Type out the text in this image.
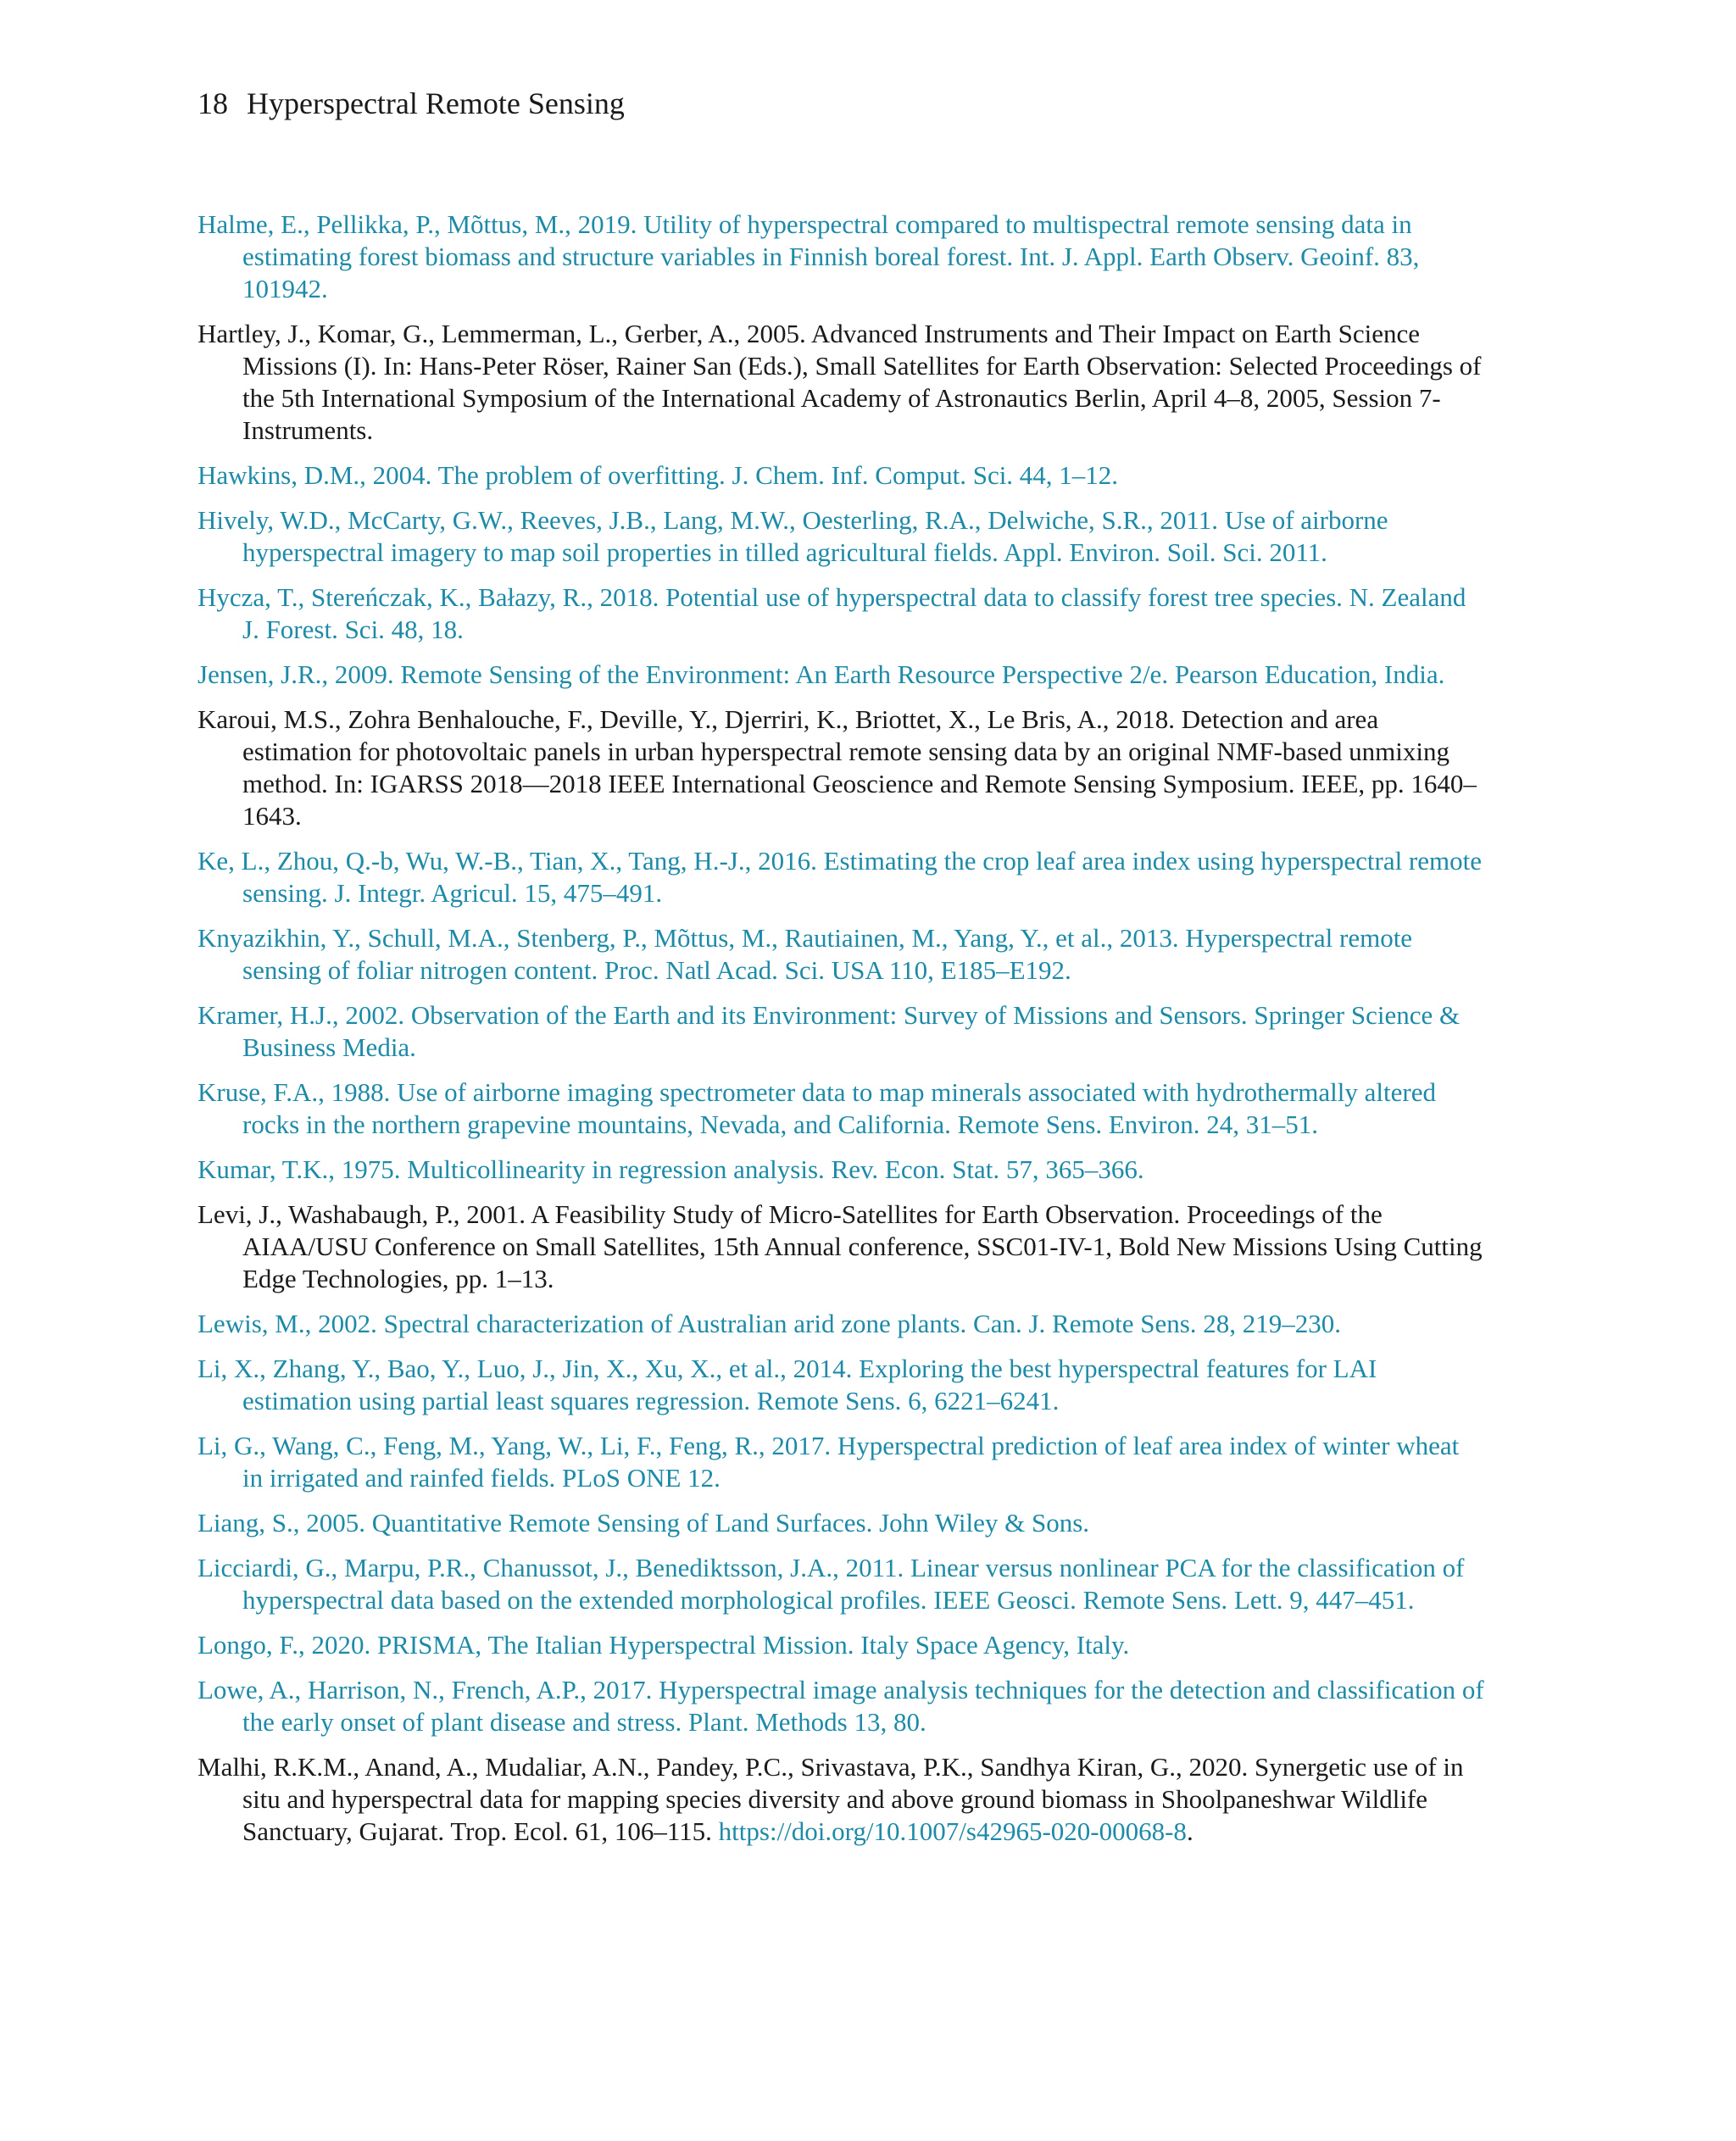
18 Hyperspectral Remote Sensing
Halme, E., Pellikka, P., Mõttus, M., 2019. Utility of hyperspectral compared to multispectral remote sensing data in estimating forest biomass and structure variables in Finnish boreal forest. Int. J. Appl. Earth Observ. Geoinf. 83, 101942.
Hartley, J., Komar, G., Lemmerman, L., Gerber, A., 2005. Advanced Instruments and Their Impact on Earth Science Missions (I). In: Hans-Peter Röser, Rainer San (Eds.), Small Satellites for Earth Observation: Selected Proceedings of the 5th International Symposium of the International Academy of Astronautics Berlin, April 4–8, 2005, Session 7-Instruments.
Hawkins, D.M., 2004. The problem of overfitting. J. Chem. Inf. Comput. Sci. 44, 1–12.
Hively, W.D., McCarty, G.W., Reeves, J.B., Lang, M.W., Oesterling, R.A., Delwiche, S.R., 2011. Use of airborne hyperspectral imagery to map soil properties in tilled agricultural fields. Appl. Environ. Soil. Sci. 2011.
Hycza, T., Stereńczak, K., Bałazy, R., 2018. Potential use of hyperspectral data to classify forest tree species. N. Zealand J. Forest. Sci. 48, 18.
Jensen, J.R., 2009. Remote Sensing of the Environment: An Earth Resource Perspective 2/e. Pearson Education, India.
Karoui, M.S., Zohra Benhalouche, F., Deville, Y., Djerriri, K., Briottet, X., Le Bris, A., 2018. Detection and area estimation for photovoltaic panels in urban hyperspectral remote sensing data by an original NMF-based unmixing method. In: IGARSS 2018—2018 IEEE International Geoscience and Remote Sensing Symposium. IEEE, pp. 1640–1643.
Ke, L., Zhou, Q.-b, Wu, W.-B., Tian, X., Tang, H.-J., 2016. Estimating the crop leaf area index using hyperspectral remote sensing. J. Integr. Agricul. 15, 475–491.
Knyazikhin, Y., Schull, M.A., Stenberg, P., Mõttus, M., Rautiainen, M., Yang, Y., et al., 2013. Hyperspectral remote sensing of foliar nitrogen content. Proc. Natl Acad. Sci. USA 110, E185–E192.
Kramer, H.J., 2002. Observation of the Earth and its Environment: Survey of Missions and Sensors. Springer Science & Business Media.
Kruse, F.A., 1988. Use of airborne imaging spectrometer data to map minerals associated with hydrothermally altered rocks in the northern grapevine mountains, Nevada, and California. Remote Sens. Environ. 24, 31–51.
Kumar, T.K., 1975. Multicollinearity in regression analysis. Rev. Econ. Stat. 57, 365–366.
Levi, J., Washabaugh, P., 2001. A Feasibility Study of Micro-Satellites for Earth Observation. Proceedings of the AIAA/USU Conference on Small Satellites, 15th Annual conference, SSC01-IV-1, Bold New Missions Using Cutting Edge Technologies, pp. 1–13.
Lewis, M., 2002. Spectral characterization of Australian arid zone plants. Can. J. Remote Sens. 28, 219–230.
Li, X., Zhang, Y., Bao, Y., Luo, J., Jin, X., Xu, X., et al., 2014. Exploring the best hyperspectral features for LAI estimation using partial least squares regression. Remote Sens. 6, 6221–6241.
Li, G., Wang, C., Feng, M., Yang, W., Li, F., Feng, R., 2017. Hyperspectral prediction of leaf area index of winter wheat in irrigated and rainfed fields. PLoS ONE 12.
Liang, S., 2005. Quantitative Remote Sensing of Land Surfaces. John Wiley & Sons.
Licciardi, G., Marpu, P.R., Chanussot, J., Benediktsson, J.A., 2011. Linear versus nonlinear PCA for the classification of hyperspectral data based on the extended morphological profiles. IEEE Geosci. Remote Sens. Lett. 9, 447–451.
Longo, F., 2020. PRISMA, The Italian Hyperspectral Mission. Italy Space Agency, Italy.
Lowe, A., Harrison, N., French, A.P., 2017. Hyperspectral image analysis techniques for the detection and classification of the early onset of plant disease and stress. Plant. Methods 13, 80.
Malhi, R.K.M., Anand, A., Mudaliar, A.N., Pandey, P.C., Srivastava, P.K., Sandhya Kiran, G., 2020. Synergetic use of in situ and hyperspectral data for mapping species diversity and above ground biomass in Shoolpaneshwar Wildlife Sanctuary, Gujarat. Trop. Ecol. 61, 106–115. https://doi.org/10.1007/s42965-020-00068-8.
